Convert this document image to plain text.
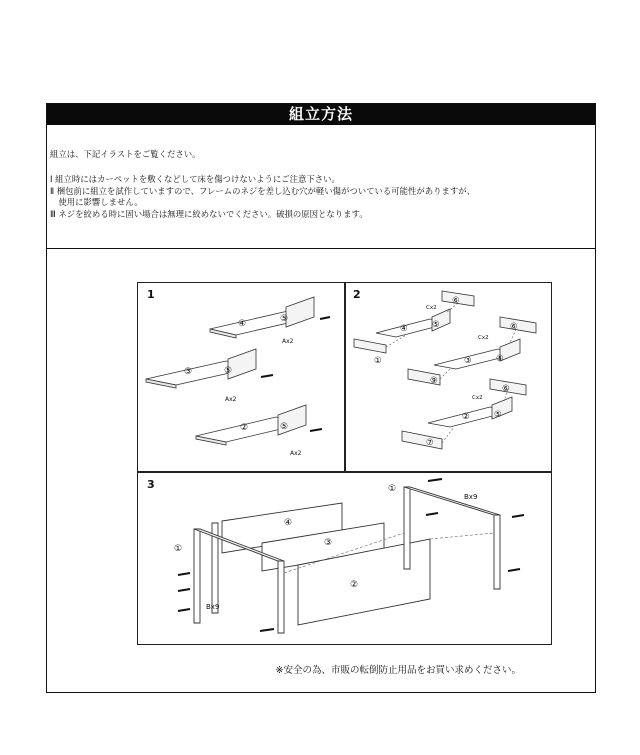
組立方法
組立は、下記イラストをご覧ください。
Ⅰ 組立時にはカーペットを敷くなどして床を傷つけないようにご注意下さい。
Ⅱ 梱包前に組立を試作していますので、フレームのネジを差し込む穴が軽い傷がついている可能性がありますが、
　使用に影響しません。
Ⅲ ネジを絞める時に固い場合は無理に絞めないでください。破損の原因となります。
1
④	⑤
③	⑤
②	⑤
Ax2
Ax2
Ax2
2	⑥
④	⑤
①
⑥
③	⑤
⑨
⑥
②	⑤
⑦
Cx2
Cx2
Cx2
3
①
④
③
②
①
Bx9
Bx9
※安全の為、市販の転倒防止用品をお買い求めください。
